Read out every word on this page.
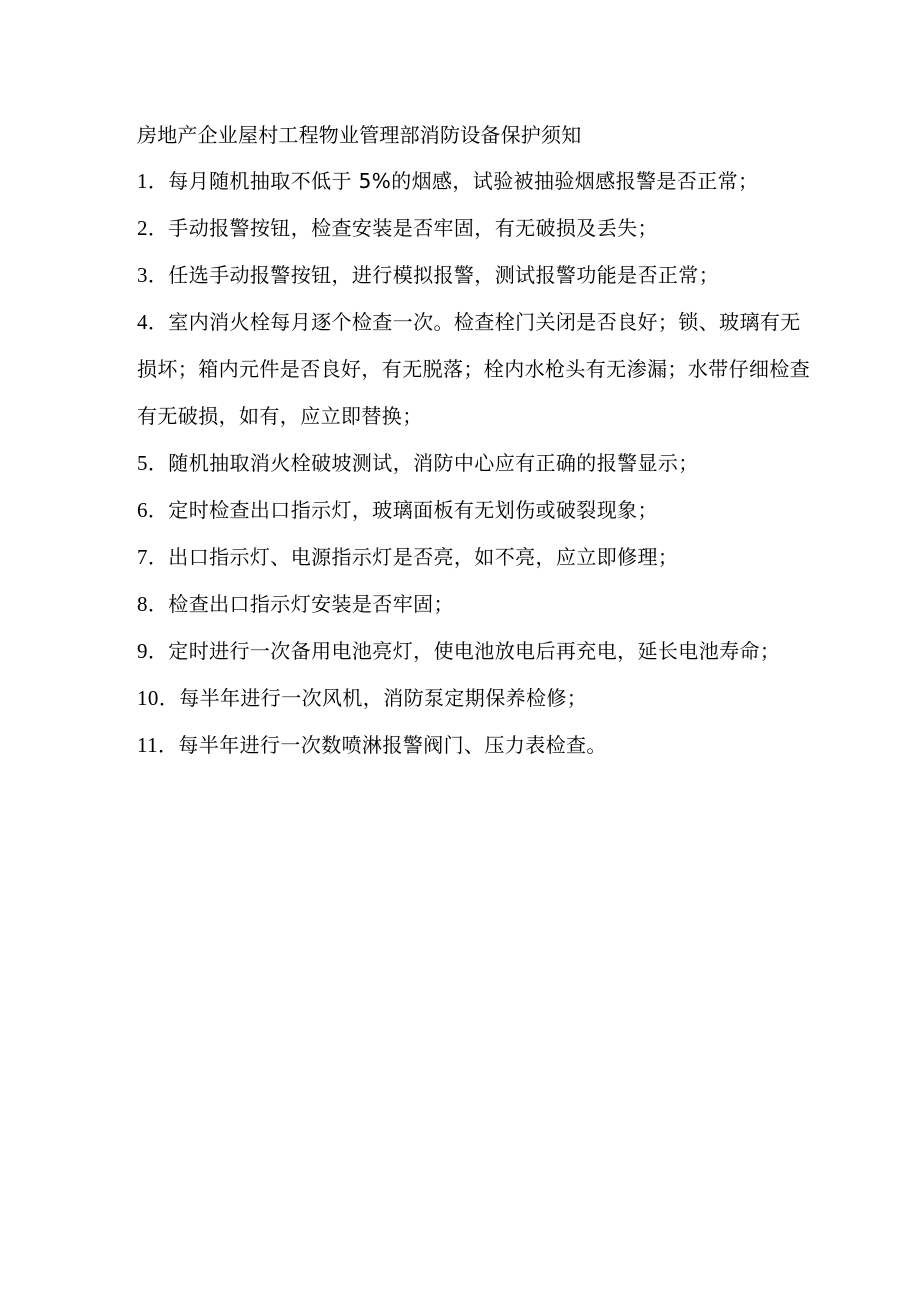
房地产企业屋村工程物业管理部消防设备保护须知

1．每月随机抽取不低于 5%的烟感，试验被抽验烟感报警是否正常；

2．手动报警按钮，检查安装是否牢固，有无破损及丢失；

3．任选手动报警按钮，进行模拟报警，测试报警功能是否正常；

4．室内消火栓每月逐个检查一次。检查栓门关闭是否良好；锁、玻璃有无损坏；箱内元件是否良好，有无脱落；栓内水枪头有无渗漏；水带仔细检查有无破损，如有，应立即替换；

5．随机抽取消火栓破坡测试，消防中心应有正确的报警显示；

6．定时检查出口指示灯，玻璃面板有无划伤或破裂现象；

7．出口指示灯、电源指示灯是否亮，如不亮，应立即修理；

8．检查出口指示灯安装是否牢固；

9．定时进行一次备用电池亮灯，使电池放电后再充电，延长电池寿命；

10．每半年进行一次风机，消防泵定期保养检修；

11．每半年进行一次数喷淋报警阀门、压力表检查。
